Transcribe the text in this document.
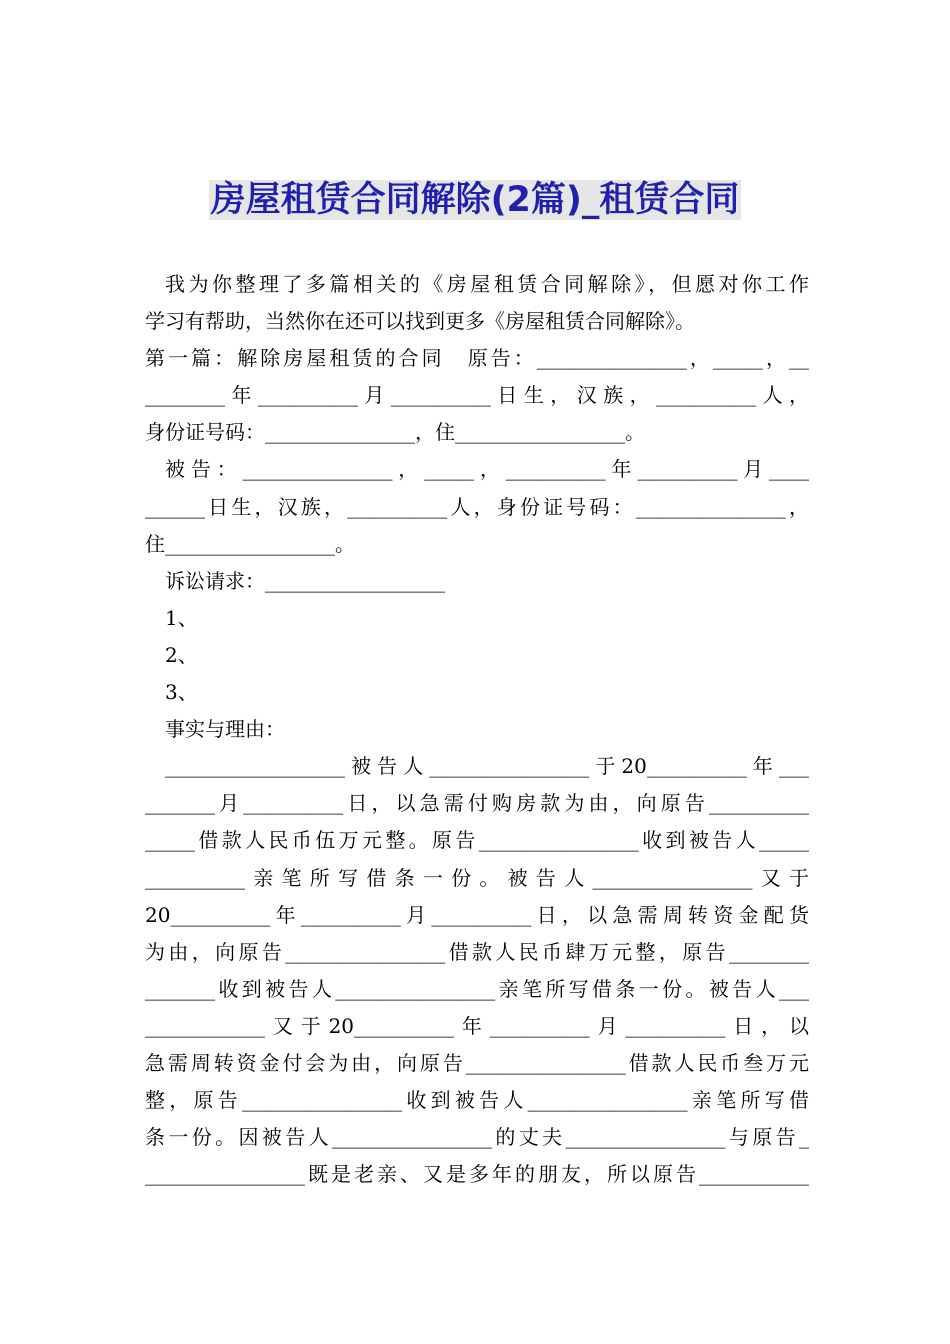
房屋租赁合同解除(2篇)_租赁合同
我为你整理了多篇相关的《房屋租赁合同解除》，但愿对你工作
学习有帮助，当然你在还可以找到更多《房屋租赁合同解除》。
第一篇：解除房屋租赁的合同　原告：_______________，_____，__
________年__________月__________日生，汉族，__________人，
身份证号码：_______________，住_________________。
被告：_______________，_____，__________年__________月____
______日生，汉族，__________人，身份证号码：_______________，
住_________________。
诉讼请求：__________________
1、
2、
3、
事实与理由：
__________________被告人________________于20__________年___
_______月__________日，以急需付购房款为由，向原告__________
_____借款人民币伍万元整。原告________________收到被告人_____
__________亲笔所写借条一份。被告人________________又于
20__________年__________月__________日，以急需周转资金配货
为由，向原告________________借款人民币肆万元整，原告________
_______收到被告人________________亲笔所写借条一份。被告人___
____________又于20__________年__________月__________日，以
急需周转资金付会为由，向原告________________借款人民币叁万元
整，原告________________收到被告人________________亲笔所写借
条一份。因被告人________________的丈夫________________与原告_
________________既是老亲、又是多年的朋友，所以原告___________
